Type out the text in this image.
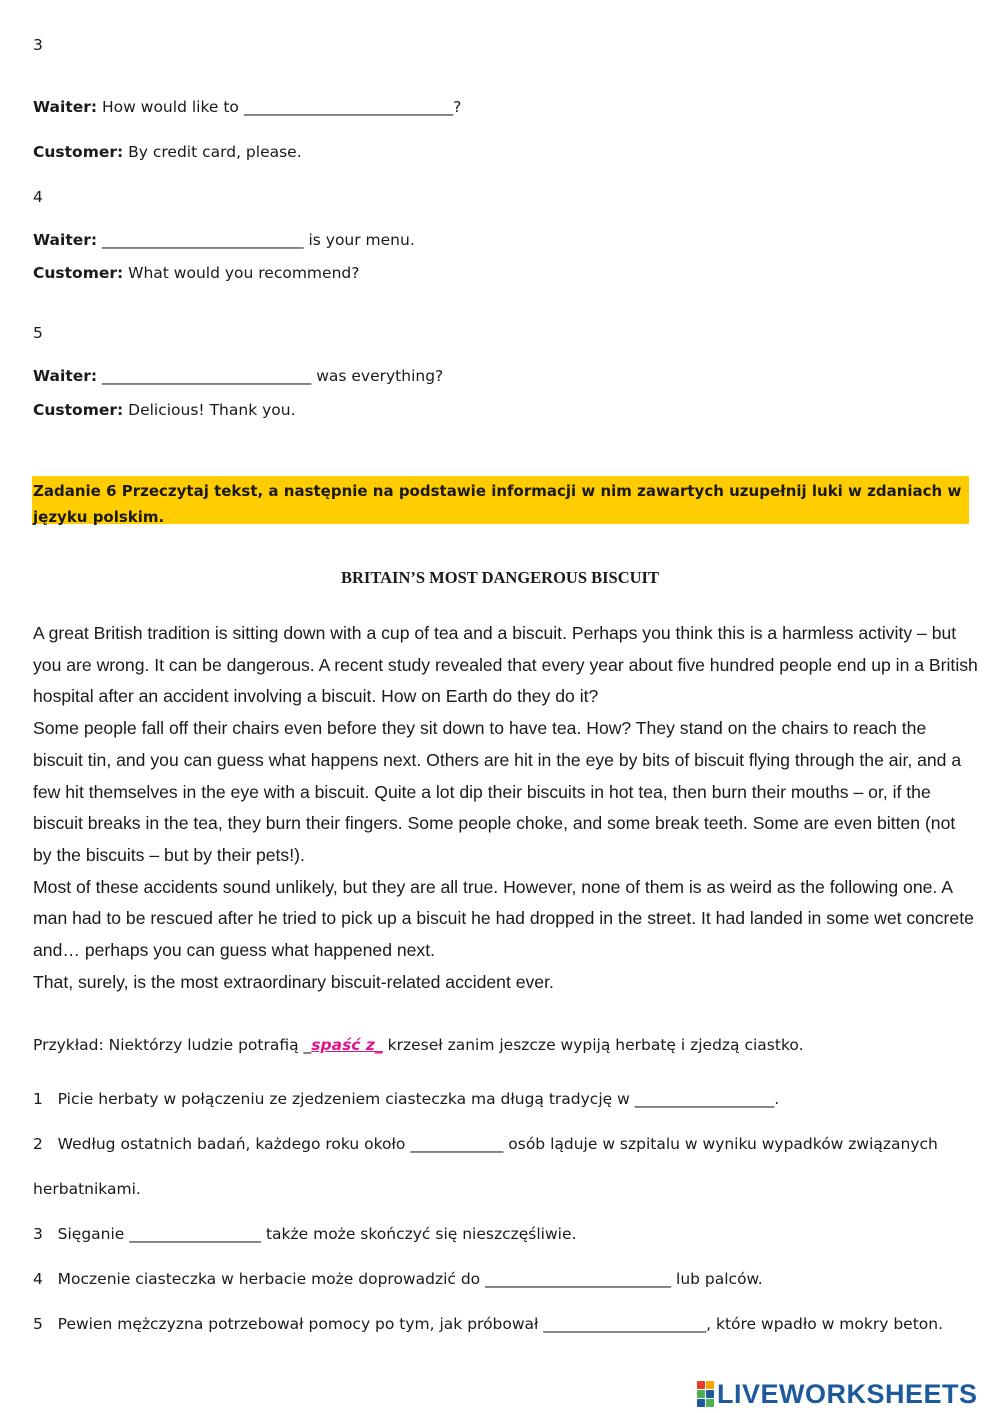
3
Waiter: How would like to ___________________________?
Customer: By credit card, please.
4
Waiter: __________________________ is your menu.
Customer: What would you recommend?
5
Waiter: ___________________________ was everything?
Customer: Delicious! Thank you.
Zadanie 6 Przeczytaj tekst, a następnie na podstawie informacji w nim zawartych uzupełnij luki w zdaniach w języku polskim.
BRITAIN’S MOST DANGEROUS BISCUIT

A great British tradition is sitting down with a cup of tea and a biscuit. Perhaps you think this is a harmless activity – but you are wrong. It can be dangerous. A recent study revealed that every year about five hundred people end up in a British hospital after an accident involving a biscuit. How on Earth do they do it?

Some people fall off their chairs even before they sit down to have tea. How? They stand on the chairs to reach the biscuit tin, and you can guess what happens next. Others are hit in the eye by bits of biscuit flying through the air, and a few hit themselves in the eye with a biscuit. Quite a lot dip their biscuits in hot tea, then burn their mouths – or, if the biscuit breaks in the tea, they burn their fingers. Some people choke, and some break teeth. Some are even bitten (not by the biscuits – but by their pets!).

Most of these accidents sound unlikely, but they are all true. However, none of them is as weird as the following one. A man had to be rescued after he tried to pick up a biscuit he had dropped in the street. It had landed in some wet concrete and… perhaps you can guess what happened next.

That, surely, is the most extraordinary biscuit-related accident ever.

Przykład: Niektórzy ludzie potrafią _spaść z_ krzeseł zanim jeszcze wypiją herbatę i zjedzą ciastko.
1 Picie herbaty w połączeniu ze zjedzeniem ciasteczka ma długą tradycję w __________________.
2 Według ostatnich badań, każdego roku około ____________ osób ląduje w szpitalu w wyniku wypadków związanych
herbatnikami.
3 Sięganie _________________ także może skończyć się nieszczęśliwie.
4 Moczenie ciasteczka w herbacie może doprowadzić do ________________________ lub palców.
5 Pewien mężczyzna potrzebował pomocy po tym, jak próbował _____________________, które wpadło w mokry beton.
LIVEWORKSHEETS
